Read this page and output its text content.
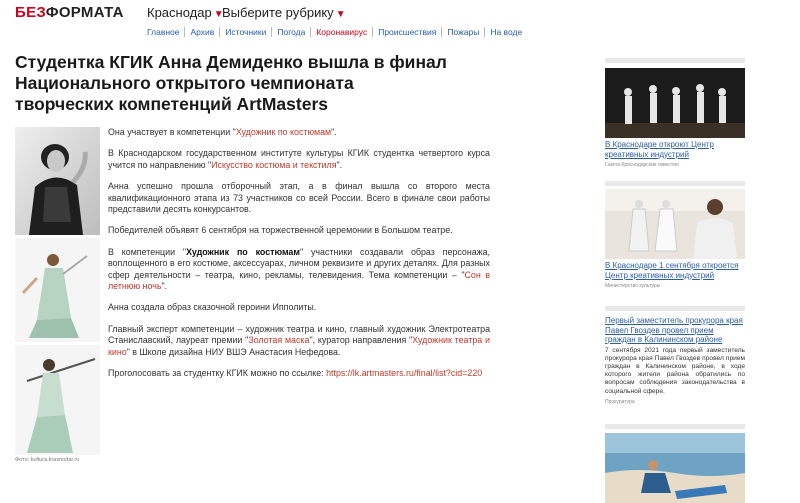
БЕЗФОРМАТА Краснодар ▼
Выберите рубрику ▼
Главное	Архив	Источники	Погода	Коронавирус	Происшествия	Пожары	На воде
Студентка КГИК Анна Демиденко вышла в финал Национального открытого чемпионата творческих компетенций ArtMasters
Фото: kultura.krasnodar.ru

Она участвует в компетенции "Художник по костюмам".

В Краснодарском государственном институте культуры КГИК студентка четвертого курса учится по направлению "Искусство костюма и текстиля".

Анна успешно прошла отборочный этап, а в финал вышла со второго места квалификационного этапа из 73 участников со всей России. Всего в финале свои работы представили десять конкурсантов.

Победителей объявят 6 сентября на торжественной церемонии в Большом театре.

В компетенции "Художник по костюмам" участники создавали образ персонажа, воплощенного в его костюме, аксессуарах, личном реквизите и других деталях. Для разных сфер деятельности – театра, кино, рекламы, телевидения. Тема компетенции – "Сон в летнюю ночь".

Анна создала образ сказочной героини Ипполиты.

Главный эксперт компетенции – художник театра и кино, главный художник Электротеатра Станиславский, лауреат премии "Золотая маска", куратор направления "Художник театра и кино" в Школе дизайна НИУ ВШЭ Анастасия Нефедова.

Проголосовать за студентку КГИК можно по ссылке: https://lk.artmasters.ru/final/list?cid=220

В Краснодаре откроют Центр креативных индустрий
Газета Краснодарские известия
В Краснодаре 1 сентября откроется Центр креативных индустрий
Министерство культуры
Первый заместитель прокурора края Павел Гвоздев провел прием граждан в Калининском районе
7 сентября 2021 года первый заместитель прокурора края Павел Гвоздев провел прием граждан в Калининском районе, в ходе которого жители района обратились по вопросам соблюдения законодательства в социальной сфере.
Прокуратура
